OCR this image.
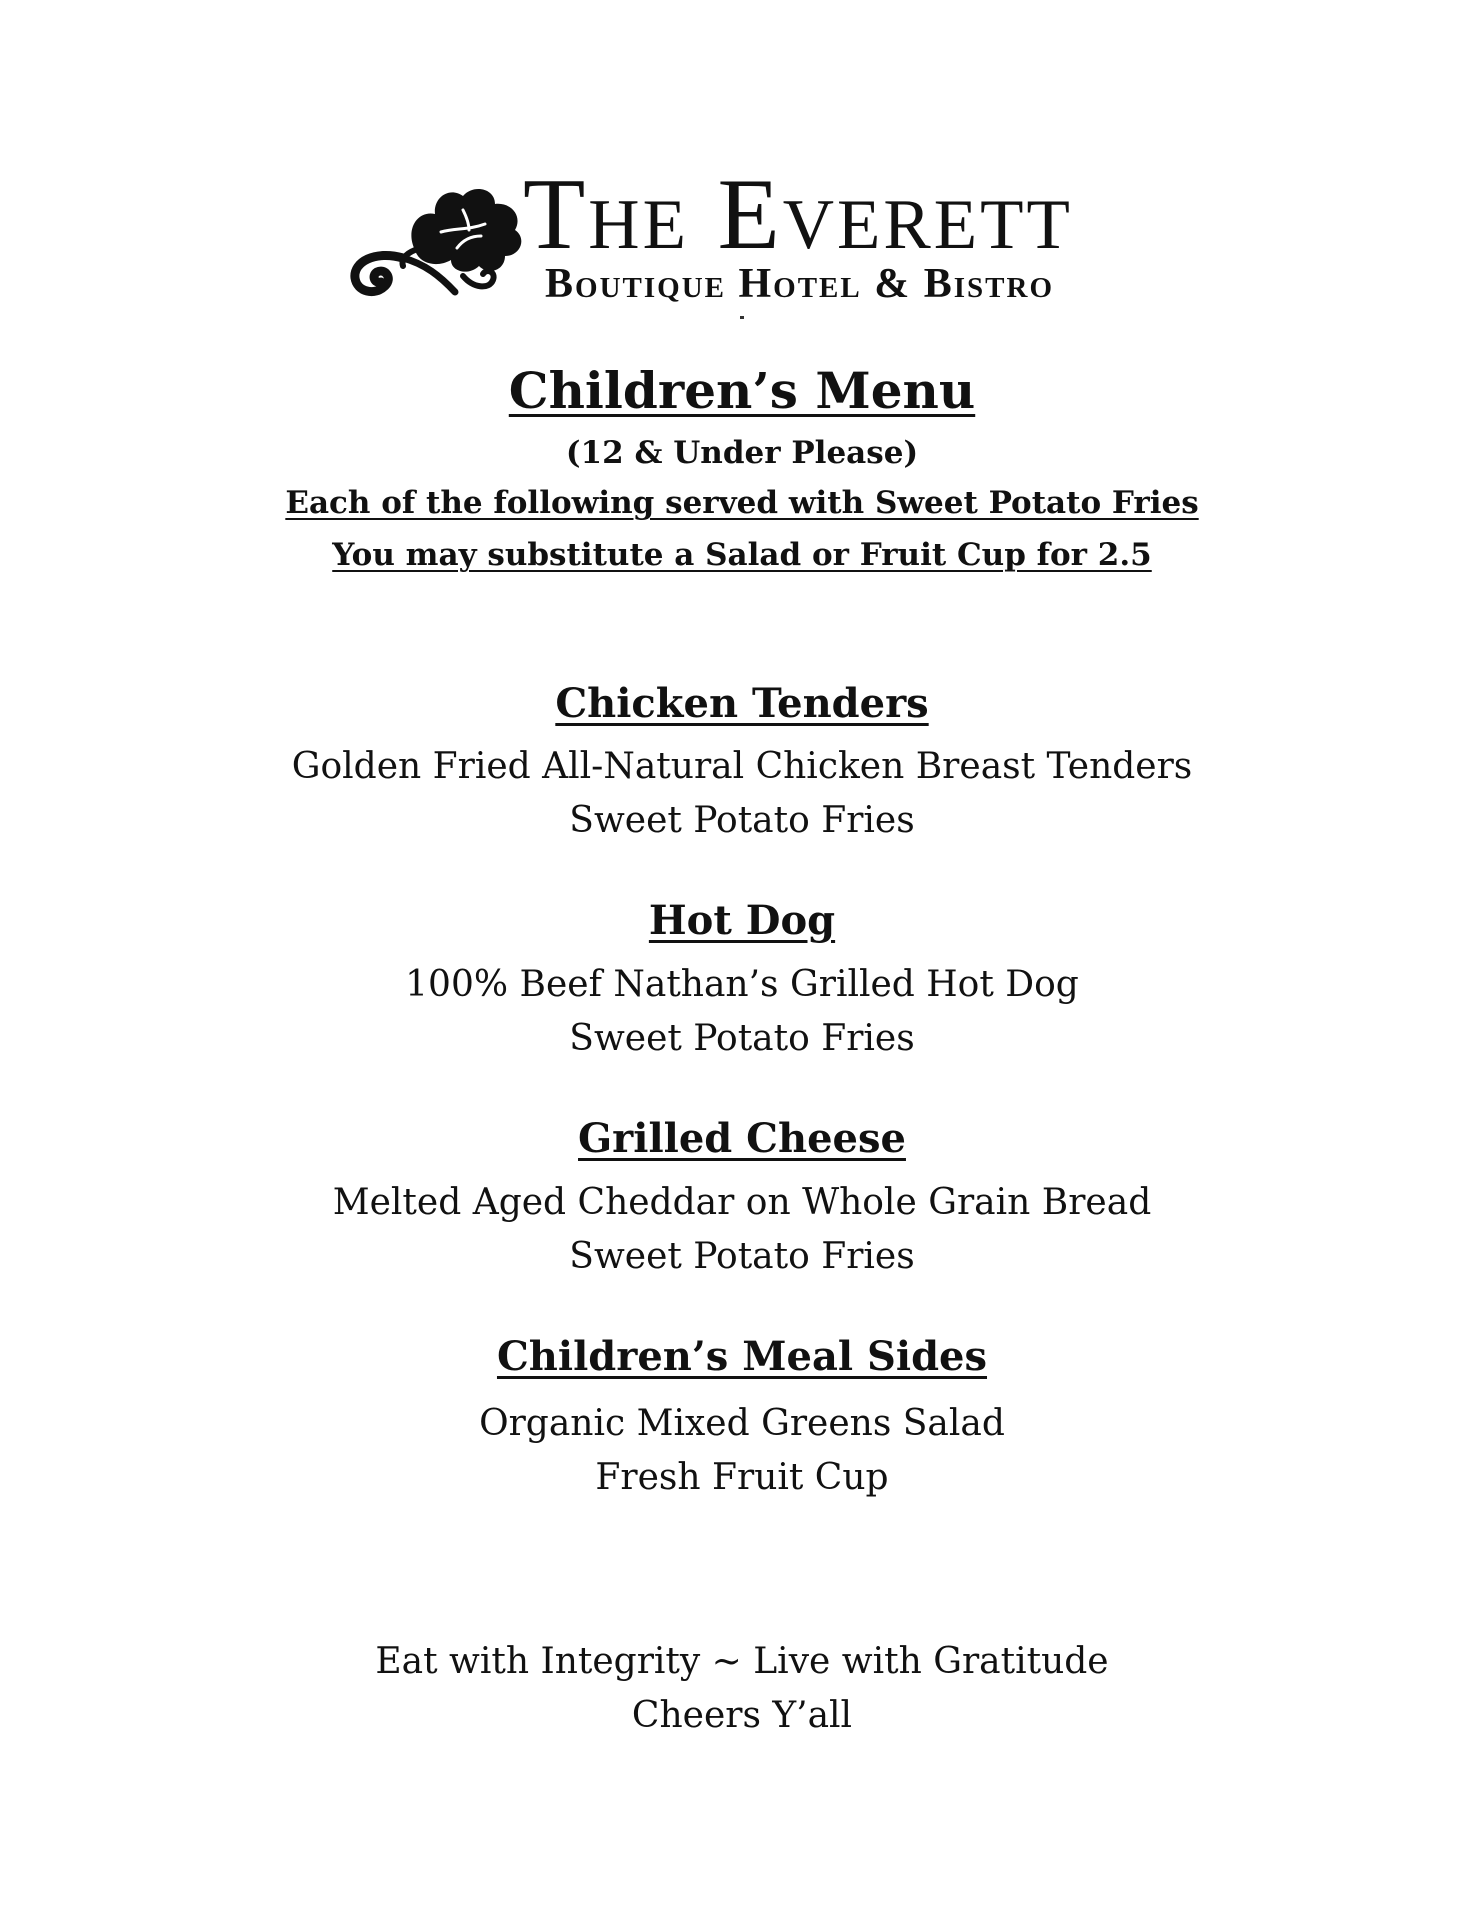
The Everett
Boutique Hotel & Bistro
Children’s Menu
(12 & Under Please)
Each of the following served with Sweet Potato Fries
You may substitute a Salad or Fruit Cup for 2.5
Chicken Tenders
Golden Fried All-Natural Chicken Breast Tenders
Sweet Potato Fries
Hot Dog
100% Beef Nathan’s Grilled Hot Dog
Sweet Potato Fries
Grilled Cheese
Melted Aged Cheddar on Whole Grain Bread
Sweet Potato Fries
Children’s Meal Sides
Organic Mixed Greens Salad
Fresh Fruit Cup
Eat with Integrity ~ Live with Gratitude
Cheers Y’all
